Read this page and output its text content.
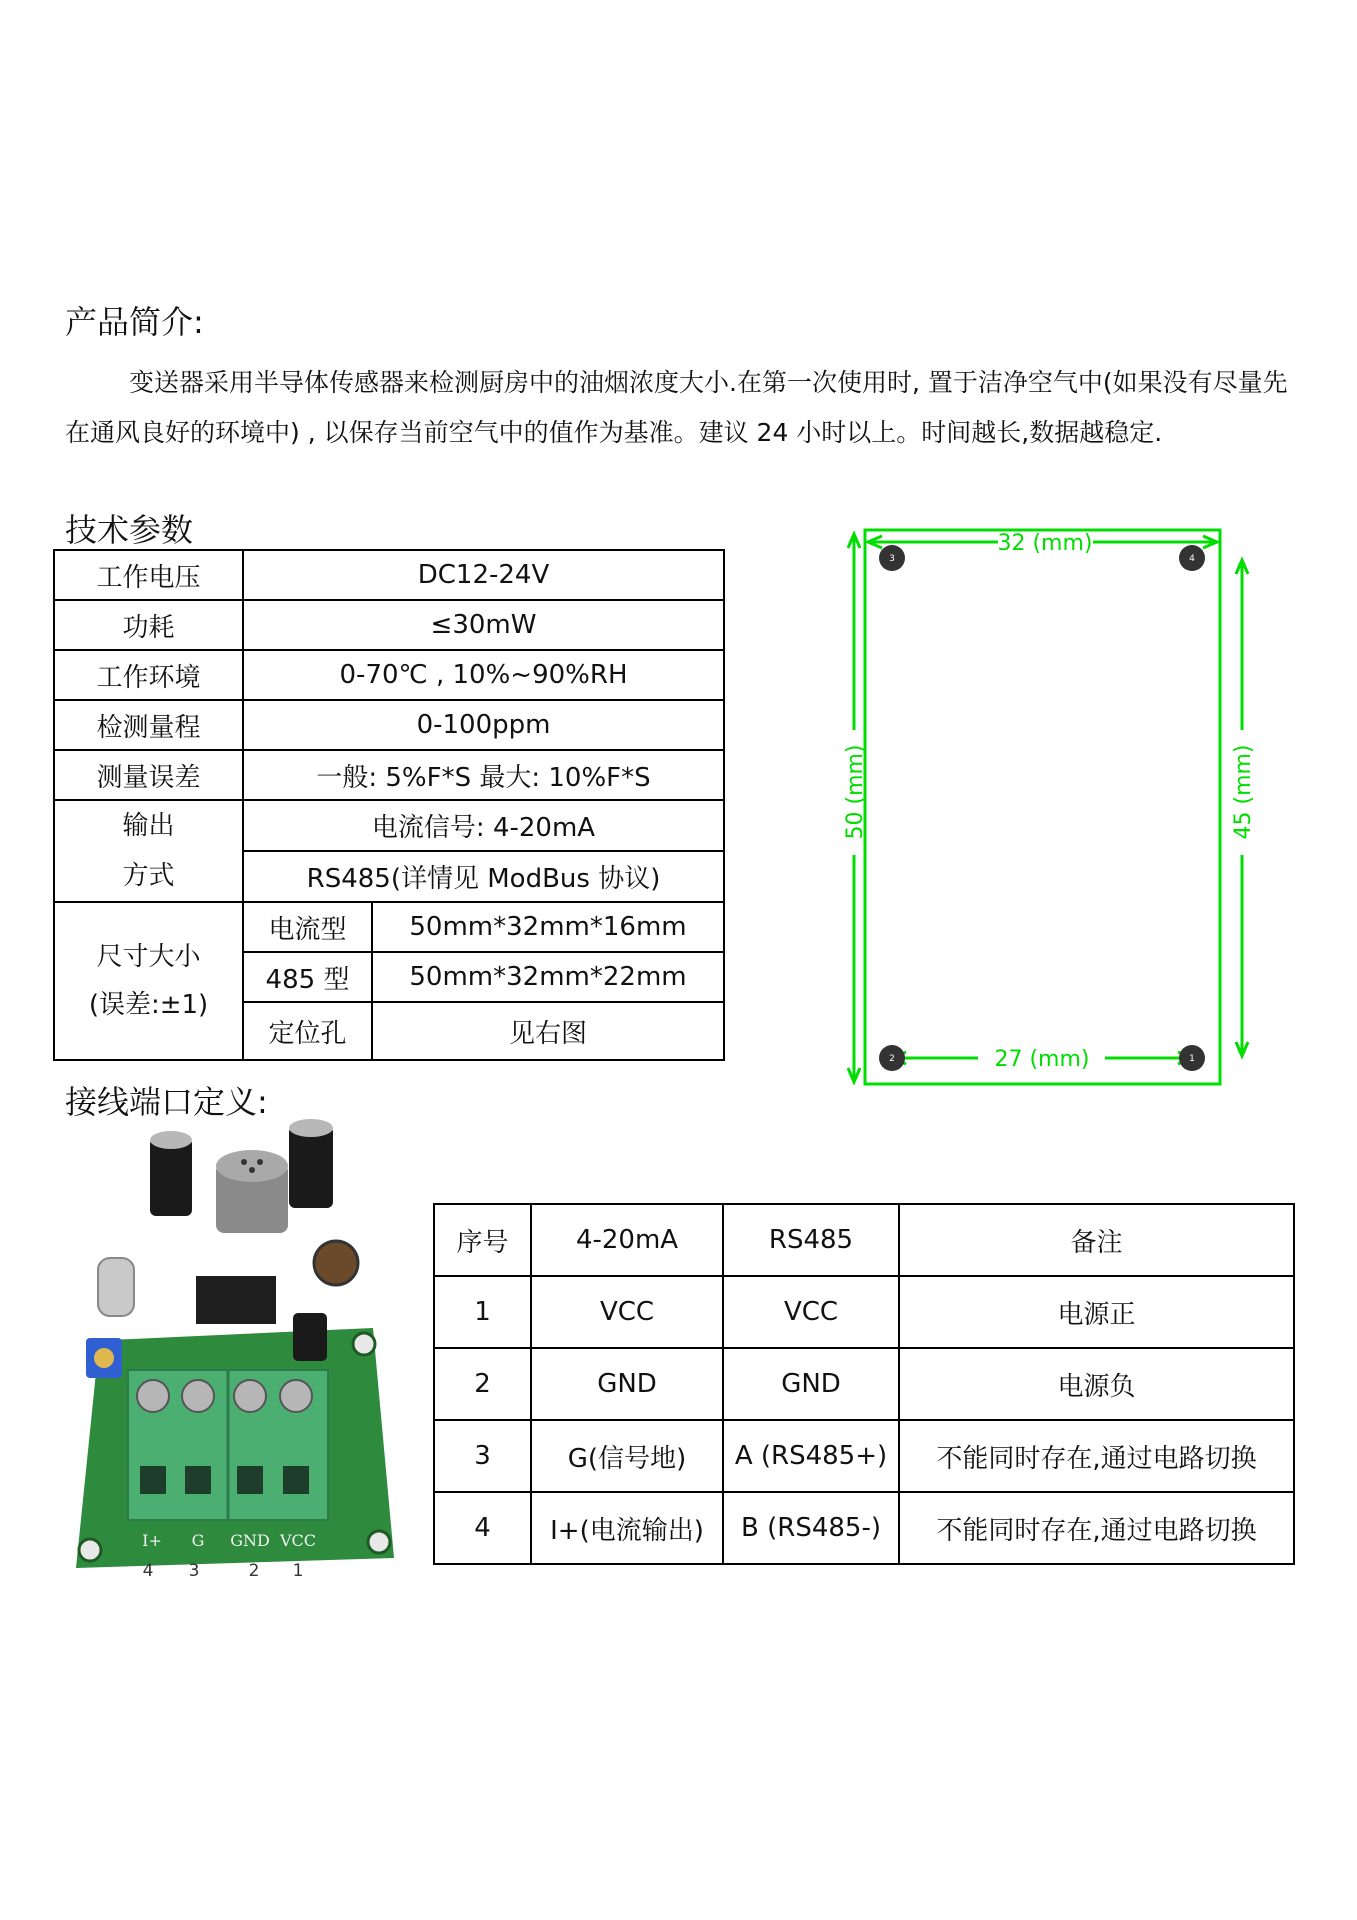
产品简介:

变送器采用半导体传感器来检测厨房中的油烟浓度大小.在第一次使用时, 置于洁净空气中(如果没有尽量先在通风良好的环境中) , 以保存当前空气中的值作为基准。建议 24 小时以上。时间越长,数据越稳定.

技术参数
工作电压	DC12-24V	
功耗	≤30mW	
工作环境	0-70℃ , 10%~90%RH	
检测量程	0-100ppm	
测量误差	一般: 5%F*S 最大: 10%F*S	

输出
方式	电流信号: 4-20mA	
	RS485(详情见 ModBus 协议)	

尺寸大小
(误差:±1)	电流型	50mm*32mm*16mm
	485 型	50mm*32mm*22mm
	定位孔	见右图
32 (mm)
27 (mm)
50 (mm)	45 (mm)
3	4
2	1
接线端口定义:
I+ G GND VCC
4 3	2 1
序号	4-20mA	RS485	备注
1	VCC	VCC	电源正
2	GND	GND	电源负
3	G(信号地)	A (RS485+)	不能同时存在,通过电路切换
4	I+(电流输出)	B (RS485-)	不能同时存在,通过电路切换
